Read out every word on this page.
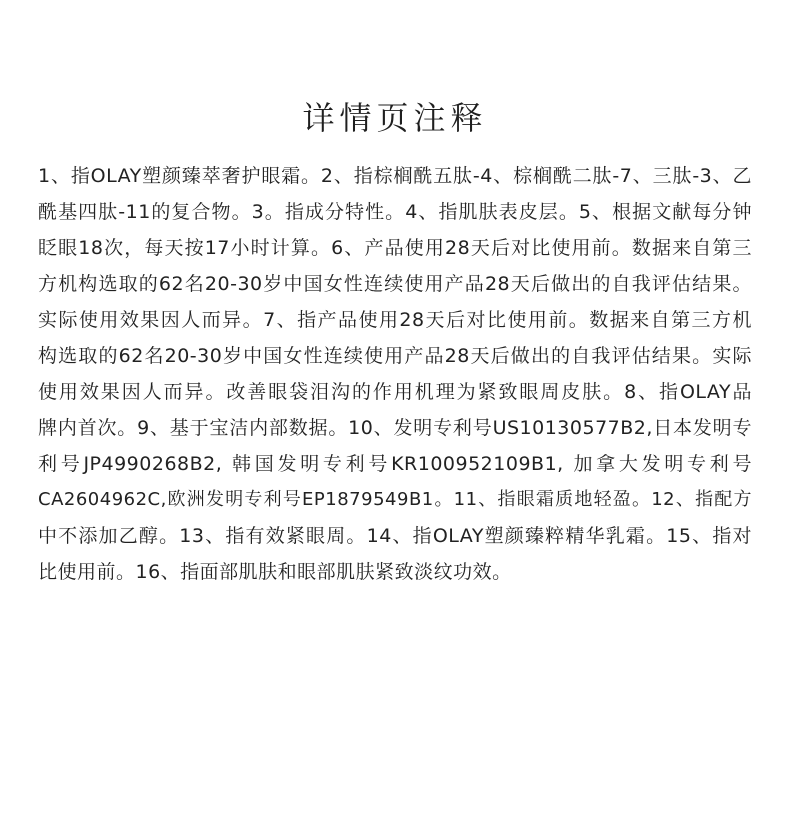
详情页注释
1、指OLAY塑颜臻萃奢护眼霜。2、指棕榈酰五肽-4、棕榈酰二肽-7、三肽-3、乙
酰基四肽-11的复合物。3。指成分特性。4、指肌肤表皮层。5、根据文献每分钟
眨眼18次，每天按17小时计算。6、产品使用28天后对比使用前。数据来自第三
方机构选取的62名20-30岁中国女性连续使用产品28天后做出的自我评估结果。
实际使用效果因人而异。7、指产品使用28天后对比使用前。数据来自第三方机
构选取的62名20-30岁中国女性连续使用产品28天后做出的自我评估结果。实际
使用效果因人而异。改善眼袋泪沟的作用机理为紧致眼周皮肤。8、指OLAY品
牌内首次。9、基于宝洁内部数据。10、发明专利号US10130577B2,日本发明专
利号JP4990268B2, 韩国发明专利号KR100952109B1, 加拿大发明专利号
CA2604962C,欧洲发明专利号EP1879549B1。11、指眼霜质地轻盈。12、指配方
中不添加乙醇。13、指有效紧眼周。14、指OLAY塑颜臻粹精华乳霜。15、指对
比使用前。16、指面部肌肤和眼部肌肤紧致淡纹功效。
